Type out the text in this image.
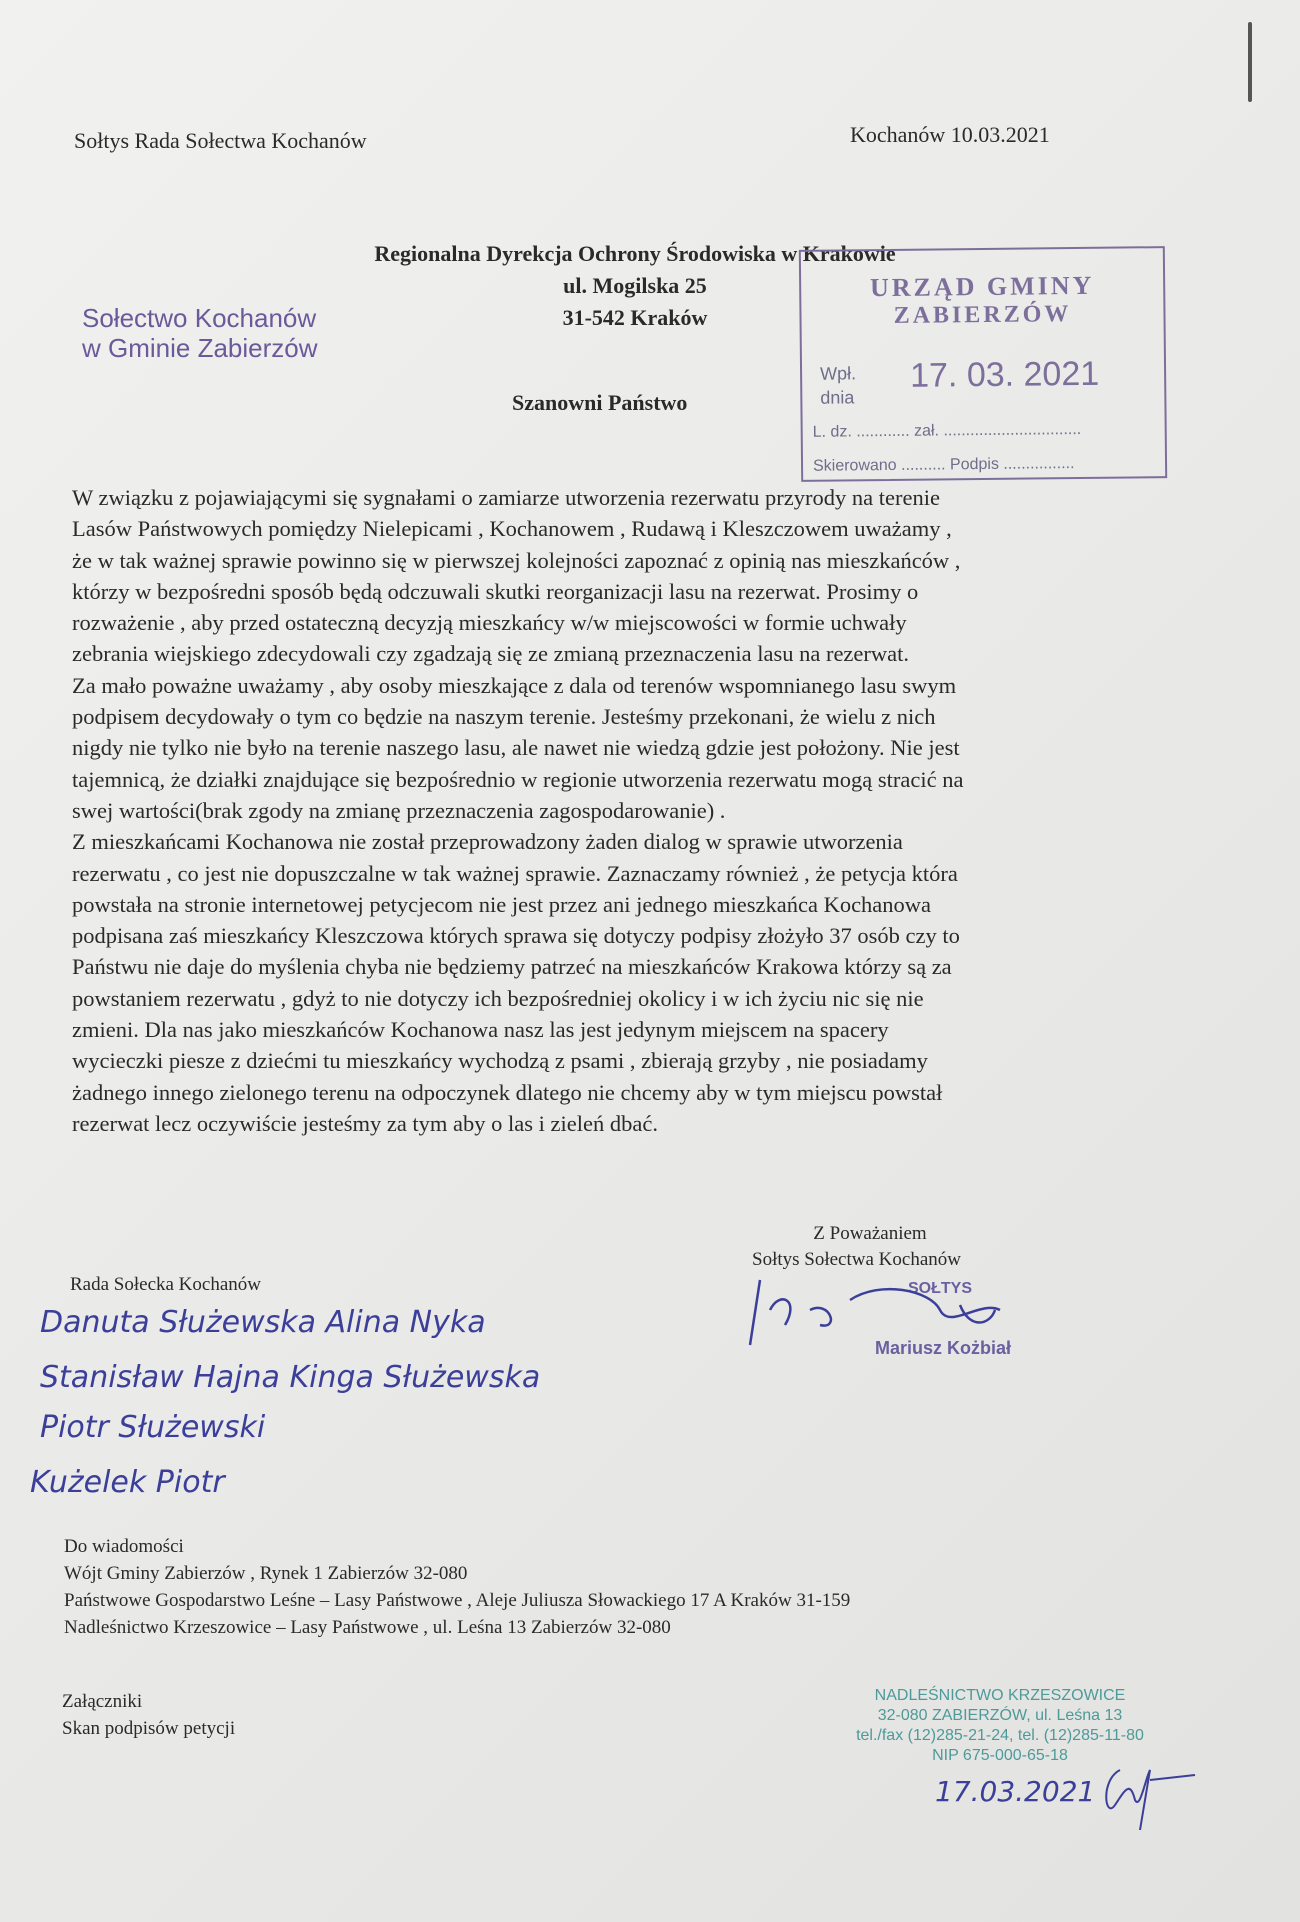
Sołtys Rada Sołectwa Kochanów	Kochanów 10.03.2021
Regionalna Dyrekcja Ochrony Środowiska w Krakowie
ul. Mogilska 25
31-542 Kraków
Sołectwo Kochanów
w Gminie Zabierzów
URZĄD GMINY
ZABIERZÓW
Wpł.
dnia
17. 03. 2021
L. dz. ............ zał. ...............................
Skierowano .......... Podpis ................
Szanowni Państwo
W związku z pojawiającymi się sygnałami o zamiarze utworzenia rezerwatu przyrody na terenie
Lasów Państwowych pomiędzy Nielepicami , Kochanowem , Rudawą i Kleszczowem uważamy ,
że w tak ważnej sprawie powinno się w pierwszej kolejności zapoznać z opinią nas mieszkańców ,
którzy w bezpośredni sposób będą odczuwali skutki reorganizacji lasu na rezerwat. Prosimy o
rozważenie , aby przed ostateczną decyzją mieszkańcy w/w miejscowości w formie uchwały
zebrania wiejskiego zdecydowali czy zgadzają się ze zmianą przeznaczenia lasu na rezerwat.
Za mało poważne uważamy , aby osoby mieszkające z dala od terenów wspomnianego lasu swym
podpisem decydowały o tym co będzie na naszym terenie. Jesteśmy przekonani, że wielu z nich
nigdy nie tylko nie było na terenie naszego lasu, ale nawet nie wiedzą gdzie jest położony. Nie jest
tajemnicą, że działki znajdujące się bezpośrednio w regionie utworzenia rezerwatu mogą stracić na
swej wartości(brak zgody na zmianę przeznaczenia zagospodarowanie) .
Z mieszkańcami Kochanowa nie został przeprowadzony żaden dialog w sprawie utworzenia
rezerwatu , co jest nie dopuszczalne w tak ważnej sprawie. Zaznaczamy również , że petycja która
powstała na stronie internetowej petycjecom nie jest przez ani jednego mieszkańca Kochanowa
podpisana zaś mieszkańcy Kleszczowa których sprawa się dotyczy podpisy złożyło 37 osób czy to
Państwu nie daje do myślenia chyba nie będziemy patrzeć na mieszkańców Krakowa którzy są za
powstaniem rezerwatu , gdyż to nie dotyczy ich bezpośredniej okolicy i w ich życiu nic się nie
zmieni. Dla nas jako mieszkańców Kochanowa nasz las jest jedynym miejscem na spacery
wycieczki piesze z dziećmi tu mieszkańcy wychodzą z psami , zbierają grzyby , nie posiadamy
żadnego innego zielonego terenu na odpoczynek dlatego nie chcemy aby w tym miejscu powstał
rezerwat lecz oczywiście jesteśmy za tym aby o las i zieleń dbać.
Z Poważaniem
Sołtys Sołectwa Kochanów
SOŁTYS
Mariusz Kożbiał
Rada Sołecka Kochanów
Danuta Służewska Alina Nyka
Stanisław Hajna Kinga Służewska
Piotr Służewski
Kużelek Piotr
Do wiadomości
Wójt Gminy Zabierzów , Rynek 1 Zabierzów 32-080
Państwowe Gospodarstwo Leśne – Lasy Państwowe , Aleje Juliusza Słowackiego 17 A Kraków 31-159
Nadleśnictwo Krzeszowice – Lasy Państwowe , ul. Leśna 13 Zabierzów 32-080
Załączniki
Skan podpisów petycji
NADLEŚNICTWO KRZESZOWICE
32-080 ZABIERZÓW, ul. Leśna 13
tel./fax (12)285-21-24, tel. (12)285-11-80
NIP 675-000-65-18
17.03.2021
